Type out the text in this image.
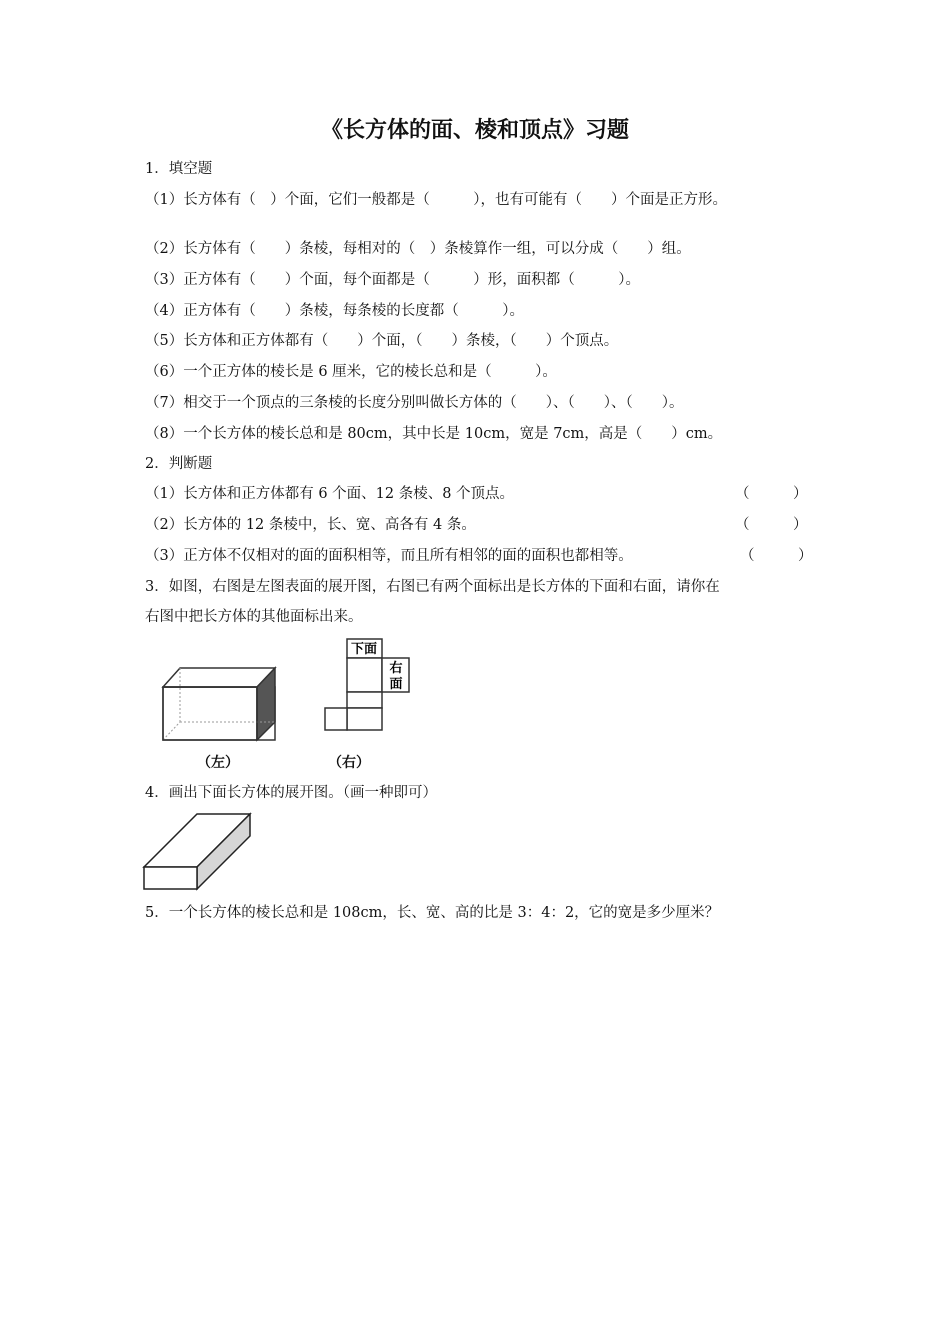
《长方体的面、棱和顶点》习题
1．填空题
（1）长方体有（　）个面，它们一般都是（　　　），也有可能有（　　）个面是正方形。
（2）长方体有（　　）条棱，每相对的（　）条棱算作一组，可以分成（　　）组。
（3）正方体有（　　）个面，每个面都是（　　　）形，面积都（　　　）。
（4）正方体有（　　）条棱，每条棱的长度都（　　　）。
（5）长方体和正方体都有（　　）个面，（　　）条棱，（　　）个顶点。
（6）一个正方体的棱长是 6 厘米，它的棱长总和是（　　　）。
（7）相交于一个顶点的三条棱的长度分别叫做长方体的（　　）、（　　）、（　　）。
（8）一个长方体的棱长总和是 80cm，其中长是 10cm，宽是 7cm，高是（　　）cm。
2．判断题
（1）长方体和正方体都有 6 个面、12 条棱、8 个顶点。	（　　　）
（2）长方体的 12 条棱中，长、宽、高各有 4 条。	（　　　）
（3）正方体不仅相对的面的面积相等，而且所有相邻的面的面积也都相等。	（　　　）
3．如图，右图是左图表面的展开图，右图已有两个面标出是长方体的下面和右面，请你在
右图中把长方体的其他面标出来。
（左）
下面
右
面
（右）
4．画出下面长方体的展开图。（画一种即可）
5．一个长方体的棱长总和是 108cm，长、宽、高的比是 3：4：2，它的宽是多少厘米？
